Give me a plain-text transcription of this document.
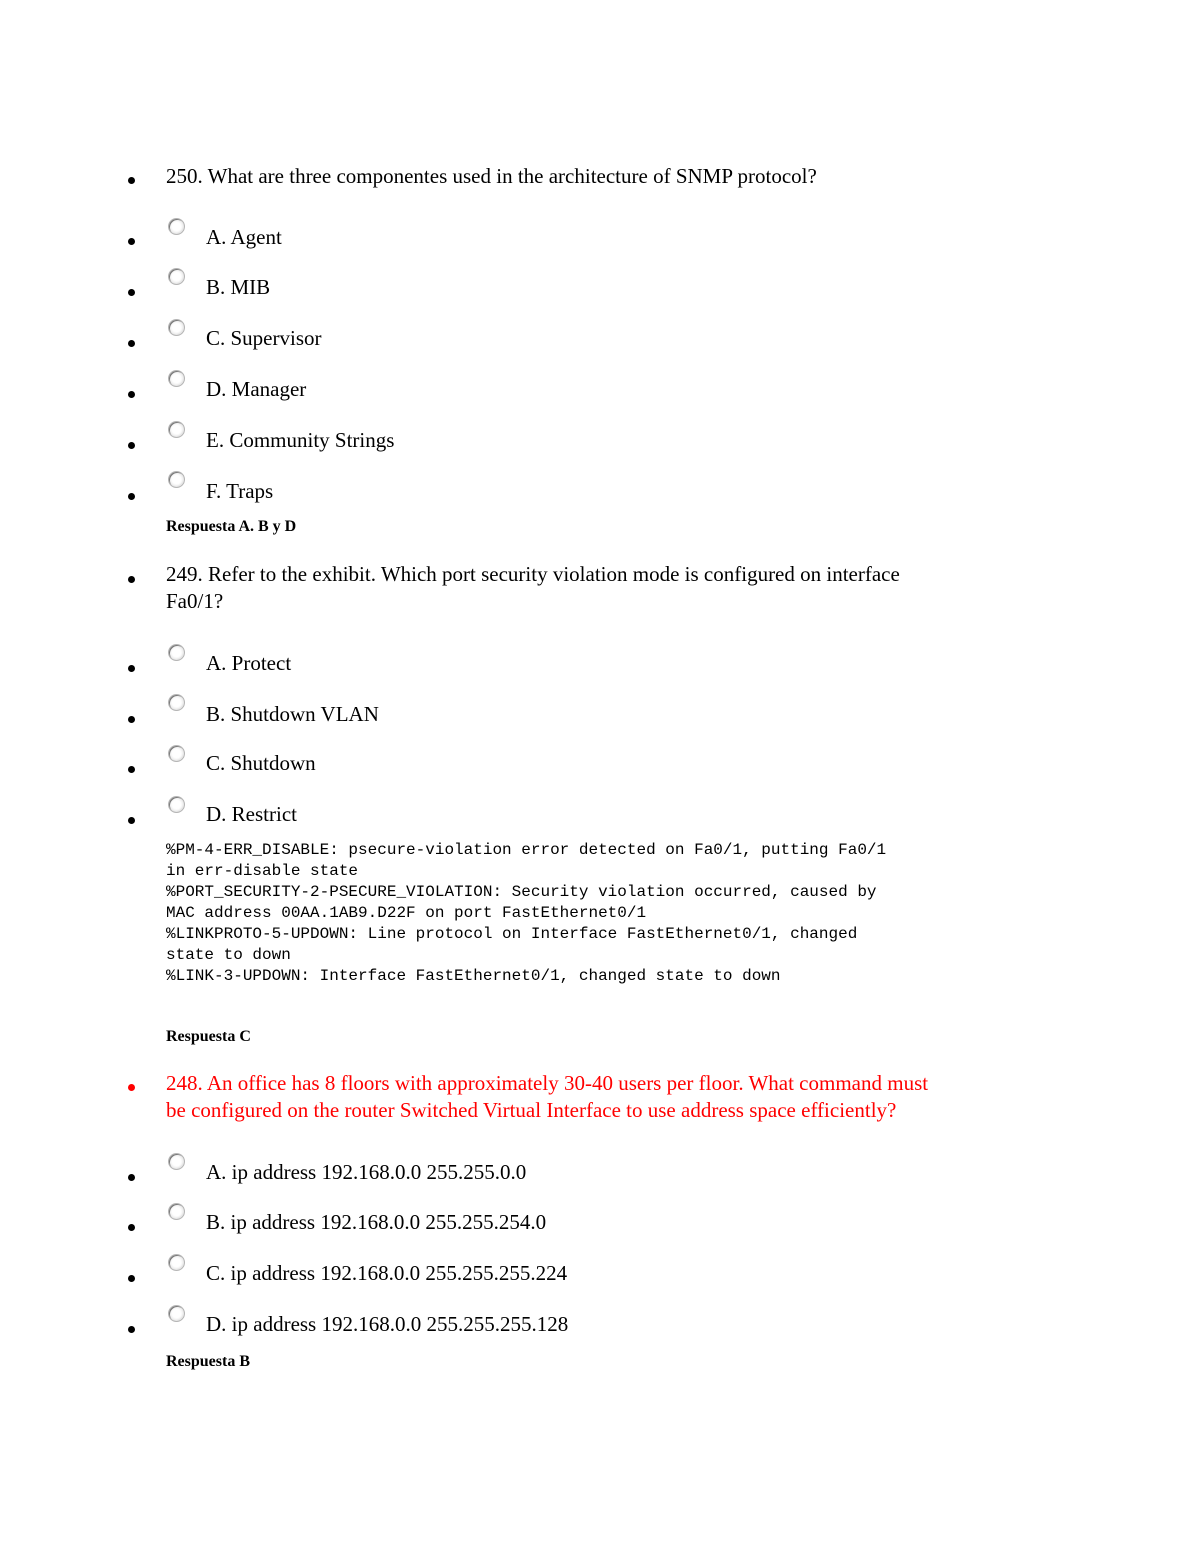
250. What are three componentes used in the architecture of SNMP protocol?
A. Agent
B. MIB
C. Supervisor
D. Manager
E. Community Strings
F. Traps
Respuesta A. B y D
249. Refer to the exhibit. Which port security violation mode is configured on interface
Fa0/1?
A. Protect
B. Shutdown VLAN
C. Shutdown
D. Restrict
%PM-4-ERR_DISABLE: psecure-violation error detected on Fa0/1, putting Fa0/1
in err-disable state
%PORT_SECURITY-2-PSECURE_VIOLATION: Security violation occurred, caused by
MAC address 00AA.1AB9.D22F on port FastEthernet0/1
%LINKPROTO-5-UPDOWN: Line protocol on Interface FastEthernet0/1, changed
state to down
%LINK-3-UPDOWN: Interface FastEthernet0/1, changed state to down
Respuesta C
248. An office has 8 floors with approximately 30-40 users per floor. What command must
be configured on the router Switched Virtual Interface to use address space efficiently?
A. ip address 192.168.0.0 255.255.0.0
B. ip address 192.168.0.0 255.255.254.0
C. ip address 192.168.0.0 255.255.255.224
D. ip address 192.168.0.0 255.255.255.128
Respuesta B
